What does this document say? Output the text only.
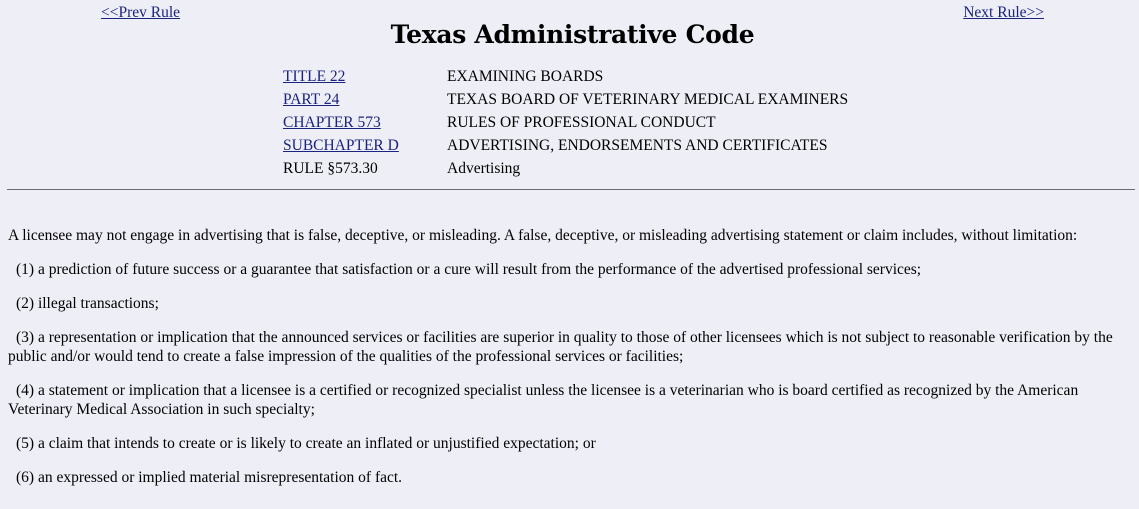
<<Prev Rule	Next Rule>>
Texas Administrative Code
TITLE 22	EXAMINING BOARDS
PART 24	TEXAS BOARD OF VETERINARY MEDICAL EXAMINERS
CHAPTER 573	RULES OF PROFESSIONAL CONDUCT
SUBCHAPTER D	ADVERTISING, ENDORSEMENTS AND CERTIFICATES
RULE §573.30	Advertising

A licensee may not engage in advertising that is false, deceptive, or misleading. A false, deceptive, or misleading advertising statement or claim includes, without limitation:

(1) a prediction of future success or a guarantee that satisfaction or a cure will result from the performance of the advertised professional services;

(2) illegal transactions;

(3) a representation or implication that the announced services or facilities are superior in quality to those of other licensees which is not subject to reasonable verification by the public and/or would tend to create a false impression of the qualities of the professional services or facilities;

(4) a statement or implication that a licensee is a certified or recognized specialist unless the licensee is a veterinarian who is board certified as recognized by the American Veterinary Medical Association in such specialty;

(5) a claim that intends to create or is likely to create an inflated or unjustified expectation; or

(6) an expressed or implied material misrepresentation of fact.
